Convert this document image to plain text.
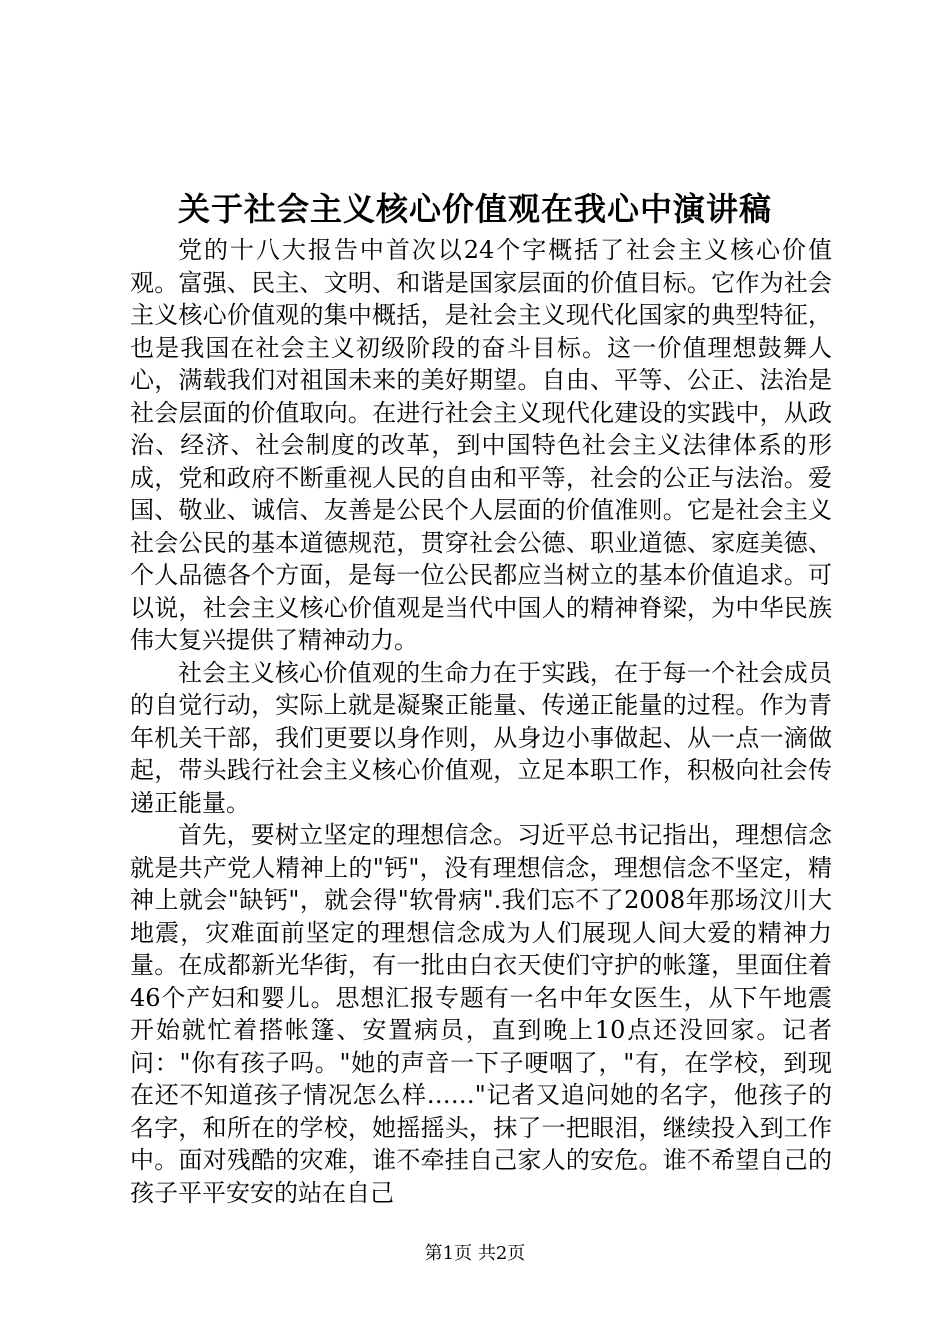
关于社会主义核心价值观在我心中演讲稿

党的十八大报告中首次以24个字概括了社会主义核心价值观。富强、民主、文明、和谐是国家层面的价值目标。它作为社会主义核心价值观的集中概括，是社会主义现代化国家的典型特征，也是我国在社会主义初级阶段的奋斗目标。这一价值理想鼓舞人心，满载我们对祖国未来的美好期望。自由、平等、公正、法治是社会层面的价值取向。在进行社会主义现代化建设的实践中，从政治、经济、社会制度的改革，到中国特色社会主义法律体系的形成，党和政府不断重视人民的自由和平等，社会的公正与法治。爱国、敬业、诚信、友善是公民个人层面的价值准则。它是社会主义社会公民的基本道德规范，贯穿社会公德、职业道德、家庭美德、个人品德各个方面，是每一位公民都应当树立的基本价值追求。可以说，社会主义核心价值观是当代中国人的精神脊梁，为中华民族伟大复兴提供了精神动力。

社会主义核心价值观的生命力在于实践，在于每一个社会成员的自觉行动，实际上就是凝聚正能量、传递正能量的过程。作为青年机关干部，我们更要以身作则，从身边小事做起、从一点一滴做起，带头践行社会主义核心价值观，立足本职工作，积极向社会传递正能量。

首先，要树立坚定的理想信念。习近平总书记指出，理想信念就是共产党人精神上的"钙"，没有理想信念，理想信念不坚定，精神上就会"缺钙"，就会得"软骨病".我们忘不了2008年那场汶川大地震，灾难面前坚定的理想信念成为人们展现人间大爱的精神力量。在成都新光华街，有一批由白衣天使们守护的帐篷，里面住着46个产妇和婴儿。思想汇报专题有一名中年女医生，从下午地震开始就忙着搭帐篷、安置病员，直到晚上10点还没回家。记者问："你有孩子吗。"她的声音一下子哽咽了，"有，在学校，到现在还不知道孩子情况怎么样……"记者又追问她的名字，他孩子的名字，和所在的学校，她摇摇头，抹了一把眼泪，继续投入到工作中。面对残酷的灾难，谁不牵挂自己家人的安危。谁不希望自己的孩子平平安安的站在自己

第1页 共2页
